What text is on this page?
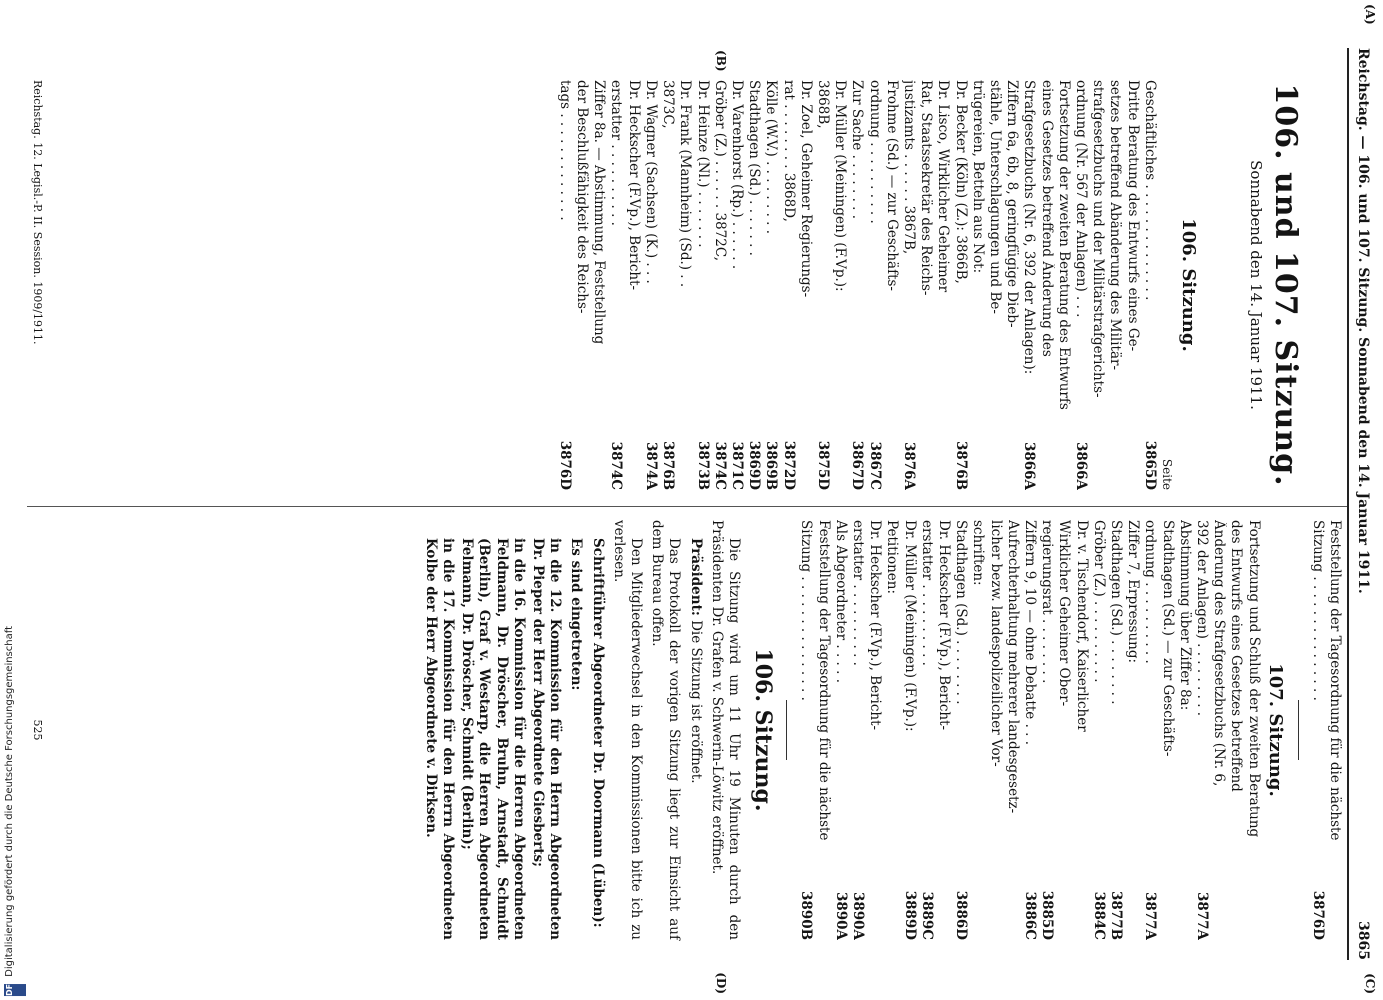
Reichstag. — 106. und 107. Sitzung. Sonnabend den 14. Januar 1911.
3865
(A)
(B)
(C)
(D)
106. und 107. Sitzung.
Sonnabend den 14. Januar 1911.
106. Sitzung.
Seite
Geschäftliches . . . . . . . . . . . . . .
3865D
Dritte Beratung des Entwurfs eines Ge-
setzes betreffend Abänderung des Militär-
strafgesetzbuchs und der Militärstrafgerichts-
ordnung (Nr. 567 der Anlagen) . . .
3866A
Fortsetzung der zweiten Beratung des Entwurfs
eines Gesetzes betreffend Änderung des
Strafgesetzbuchs (Nr. 6, 392 der Anlagen):
3866A
Ziffern 6a, 6b, 8, geringfügige Dieb-
stähle, Unterschlagungen und Be-
trügereien, Betteln aus Not:
Dr. Becker (Köln) (Z.): 3866B,
3876B
Dr. Lisco, Wirklicher Geheimer
Rat, Staatssekretär des Reichs-
justizamts . . . . . . 3867B,
3876A
Frohme (Sd.) — zur Geschäfts-
ordnung . . . . . . . . . .
3867C
Zur Sache . . . . . . . .
3867D
Dr. Müller (Meiningen) (F.Vp.):
3868B,
3875D
Dr. Zoel, Geheimer Regierungs-
rat . . . . . . . . 3868D,
3872D
Kölle (W.V.) . . . . . . . . .
3869B
Stadthagen (Sd.) . . . . . . .
3869D
Dr. Varenhorst (Rp.) . . . . . .
3871C
Gröber (Z.) . . . . . . 3872C,
3874C
Dr. Heinze (Nl.) . . . . . . .
3873B
Dr. Frank (Mannheim) (Sd.) . .
3873C,
3876B
Dr. Wagner (Sachsen) (K.) . . .
3874A
Dr. Heckscher (F.Vp.), Bericht-
erstatter . . . . . . . . . .
3874C
Ziffer 8a. — Abstimmung, Feststellung
der Beschlußfähigkeit des Reichs-
tags . . . . . . . . . . . . .
3876D
Reichstag. 12. Legisl.-P. II. Session. 1909/1911.
Feststellung der Tagesordnung für die nächste
Sitzung . . . . . . . . . . . . . . .
3876D
107. Sitzung.
Fortsetzung und Schluß der zweiten Beratung
des Entwurfs eines Gesetzes betreffend
Änderung des Strafgesetzbuchs (Nr. 6,
392 der Anlagen) . . . . . . . . .
3877A
Abstimmung über Ziffer 8a:
Stadthagen (Sd.) — zur Geschäfts-
ordnung . . . . . . . . . .
3877A
Ziffer 7, Erpressung:
Stadthagen (Sd.) . . . . . . . .
3877B
Gröber (Z.) . . . . . . . . . .
3884C
Dr. v. Tischendorf, Kaiserlicher
Wirklicher Geheimer Ober-
regierungsrat . . . . . . . .
3885D
Ziffern 9, 10 — ohne Debatte . . .
3886C
Aufrechterhaltung mehrerer landesgesetz-
licher bezw. landespolizeilicher Vor-
schriften:
Stadthagen (Sd.) . . . . . . . .
3886D
Dr. Heckscher (F.Vp.), Bericht-
erstatter . . . . . . . . . .
3889C
Dr. Müller (Meiningen) (F.Vp.):
3889D
Petitionen:
Dr. Heckscher (F.Vp.), Bericht-
erstatter . . . . . . . . . .
3890A
Als Abgeordneter . . . . .
3890A
Feststellung der Tagesordnung für die nächste
Sitzung . . . . . . . . . . . . . . .
3890B
106. Sitzung.

Die Sitzung wird um 11 Uhr 19 Minuten durch den Präsidenten Dr. Grafen v. Schwerin-Löwitz eröffnet.

Präsident: Die Sitzung ist eröffnet.

Das Protokoll der vorigen Sitzung liegt zur Einsicht auf dem Bureau offen.

Den Mitgliederwechsel in den Kommissionen bitte ich zu verlesen.

Schriftführer Abgeordneter Dr. Doormann (Lüben):

Es sind eingetreten:

in die 12. Kommission für den Herrn Abgeordneten Dr. Pieper der Herr Abgeordnete Giesberts;

in die 16. Kommission für die Herren Abgeordneten Feldmann, Dr. Dröscher, Bruhn, Arnstadt, Schmidt (Berlin), Graf v. Westarp, die Herren Abgeordneten Felmann, Dr. Dröscher, Schmidt (Berlin);

in die 17. Kommission für den Herrn Abgeordneten Kolbe der Herr Abgeordnete v. Dirksen.

525
DFG Digitalisierung gefördert durch die Deutsche Forschungsgemeinschaft
